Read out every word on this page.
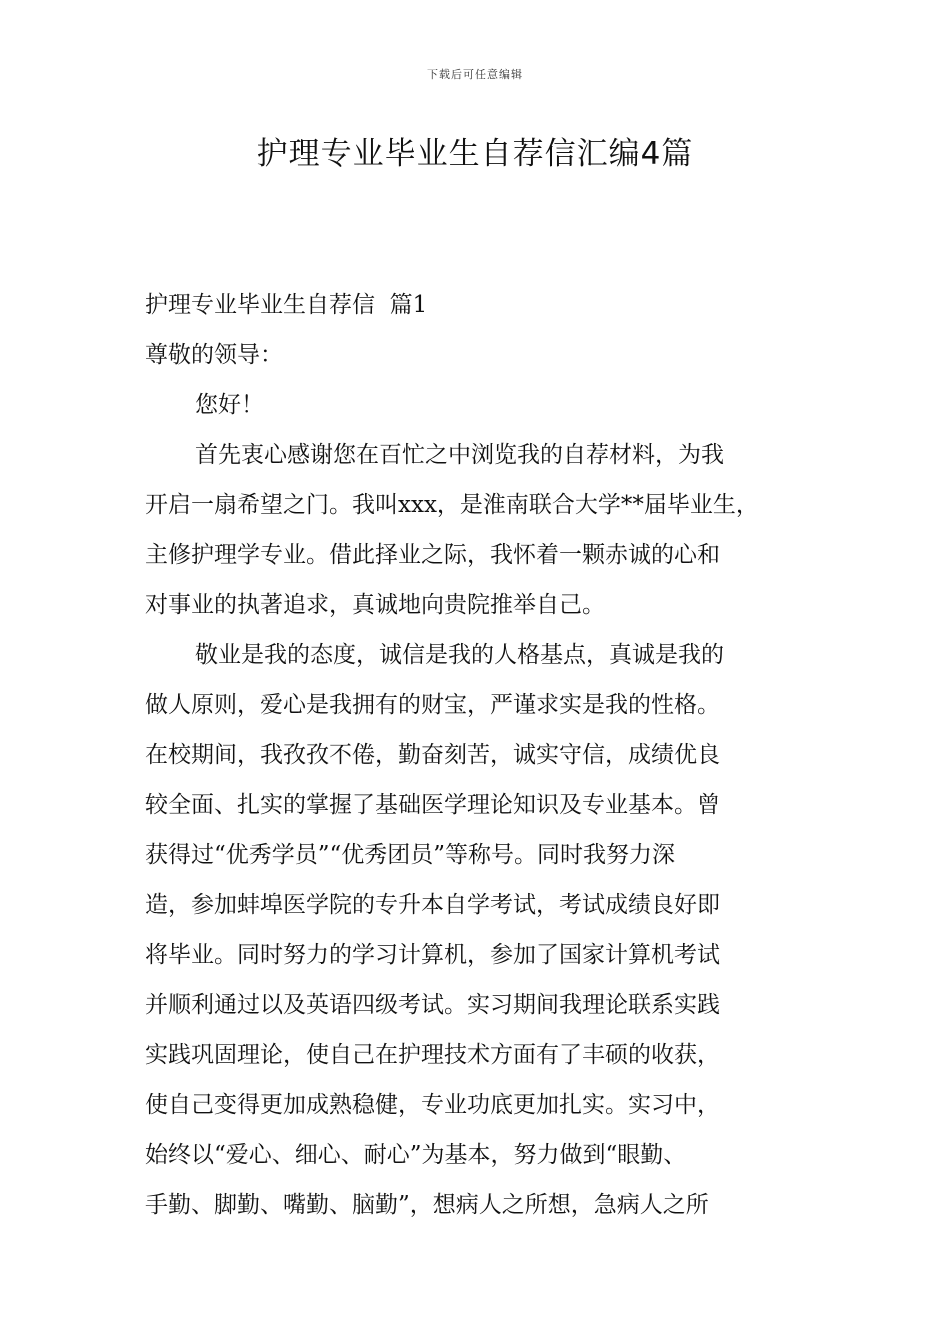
下载后可任意编辑
护理专业毕业生自荐信汇编4篇
护理专业毕业生自荐信  篇1
尊敬的领导：
您好！
首先衷心感谢您在百忙之中浏览我的自荐材料，为我
开启一扇希望之门。我叫xxx，是淮南联合大学**届毕业生，
主修护理学专业。借此择业之际，我怀着一颗赤诚的心和
对事业的执著追求，真诚地向贵院推举自己。
敬业是我的态度，诚信是我的人格基点，真诚是我的
做人原则，爱心是我拥有的财宝，严谨求实是我的性格。
在校期间，我孜孜不倦，勤奋刻苦，诚实守信，成绩优良
较全面、扎实的掌握了基础医学理论知识及专业基本。曾
获得过“优秀学员”“优秀团员”等称号。同时我努力深
造，参加蚌埠医学院的专升本自学考试，考试成绩良好即
将毕业。同时努力的学习计算机，参加了国家计算机考试
并顺利通过以及英语四级考试。实习期间我理论联系实践
实践巩固理论，使自己在护理技术方面有了丰硕的收获，
使自己变得更加成熟稳健，专业功底更加扎实。实习中，
始终以“爱心、细心、耐心”为基本，努力做到“眼勤、
手勤、脚勤、嘴勤、脑勤”，想病人之所想，急病人之所
